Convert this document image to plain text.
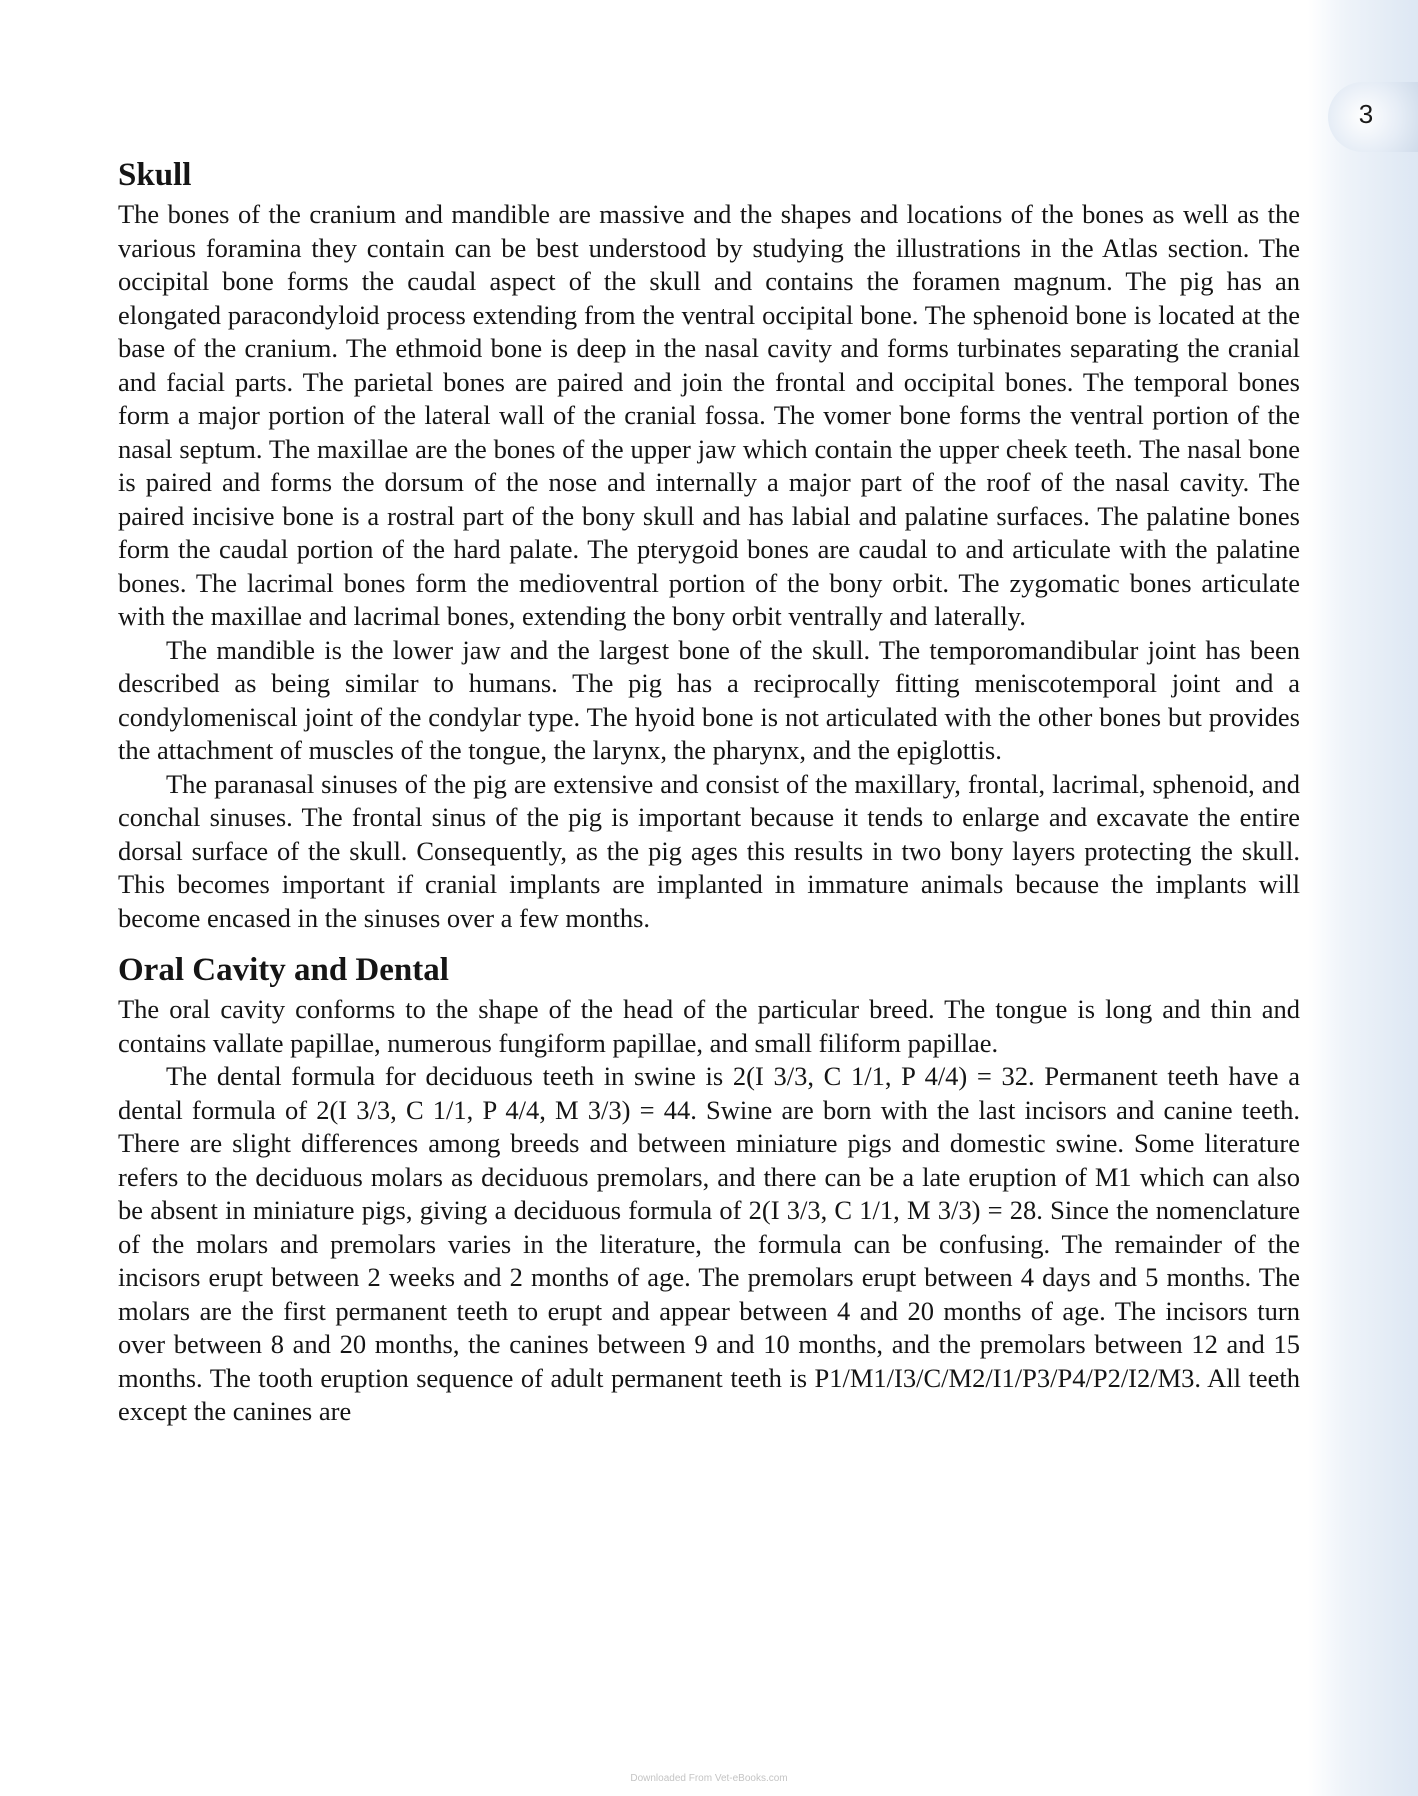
3
Skull

The bones of the cranium and mandible are massive and the shapes and locations of the bones as well as the various foramina they contain can be best understood by studying the illustrations in the Atlas section. The occipital bone forms the caudal aspect of the skull and contains the foramen magnum. The pig has an elongated paracondyloid process extending from the ventral occipital bone. The sphenoid bone is located at the base of the cranium. The ethmoid bone is deep in the nasal cavity and forms turbinates separating the cranial and facial parts. The parietal bones are paired and join the frontal and occipital bones. The temporal bones form a major portion of the lateral wall of the cranial fossa. The vomer bone forms the ventral portion of the nasal septum. The maxillae are the bones of the upper jaw which contain the upper cheek teeth. The nasal bone is paired and forms the dorsum of the nose and internally a major part of the roof of the nasal cavity. The paired incisive bone is a rostral part of the bony skull and has labial and palatine surfaces. The palatine bones form the caudal portion of the hard palate. The pterygoid bones are caudal to and articulate with the palatine bones. The lacrimal bones form the medioventral portion of the bony orbit. The zygomatic bones articulate with the maxillae and lacrimal bones, extending the bony orbit ventrally and laterally.

The mandible is the lower jaw and the largest bone of the skull. The temporomandibular joint has been described as being similar to humans. The pig has a reciprocally fitting meniscotemporal joint and a condylomeniscal joint of the condylar type. The hyoid bone is not articulated with the other bones but provides the attachment of muscles of the tongue, the larynx, the pharynx, and the epiglottis.

The paranasal sinuses of the pig are extensive and consist of the maxillary, frontal, lacrimal, sphenoid, and conchal sinuses. The frontal sinus of the pig is important because it tends to enlarge and excavate the entire dorsal surface of the skull. Consequently, as the pig ages this results in two bony layers protecting the skull. This becomes important if cranial implants are implanted in immature animals because the implants will become encased in the sinuses over a few months.

Oral Cavity and Dental

The oral cavity conforms to the shape of the head of the particular breed. The tongue is long and thin and contains vallate papillae, numerous fungiform papillae, and small filiform papillae.

The dental formula for deciduous teeth in swine is 2(I 3/3, C 1/1, P 4/4) = 32. Permanent teeth have a dental formula of 2(I 3/3, C 1/1, P 4/4, M 3/3) = 44. Swine are born with the last incisors and canine teeth. There are slight differences among breeds and between miniature pigs and domestic swine. Some literature refers to the deciduous molars as deciduous premolars, and there can be a late eruption of M1 which can also be absent in miniature pigs, giving a deciduous formula of 2(I 3/3, C 1/1, M 3/3) = 28. Since the nomenclature of the molars and premolars varies in the literature, the formula can be confusing. The remainder of the incisors erupt between 2 weeks and 2 months of age. The premolars erupt between 4 days and 5 months. The molars are the first permanent teeth to erupt and appear between 4 and 20 months of age. The incisors turn over between 8 and 20 months, the canines between 9 and 10 months, and the premolars between 12 and 15 months. The tooth eruption sequence of adult permanent teeth is P1/M1/I3/C/M2/I1/P3/P4/P2/I2/M3. All teeth except the canines are

Downloaded From Vet-eBooks.com
